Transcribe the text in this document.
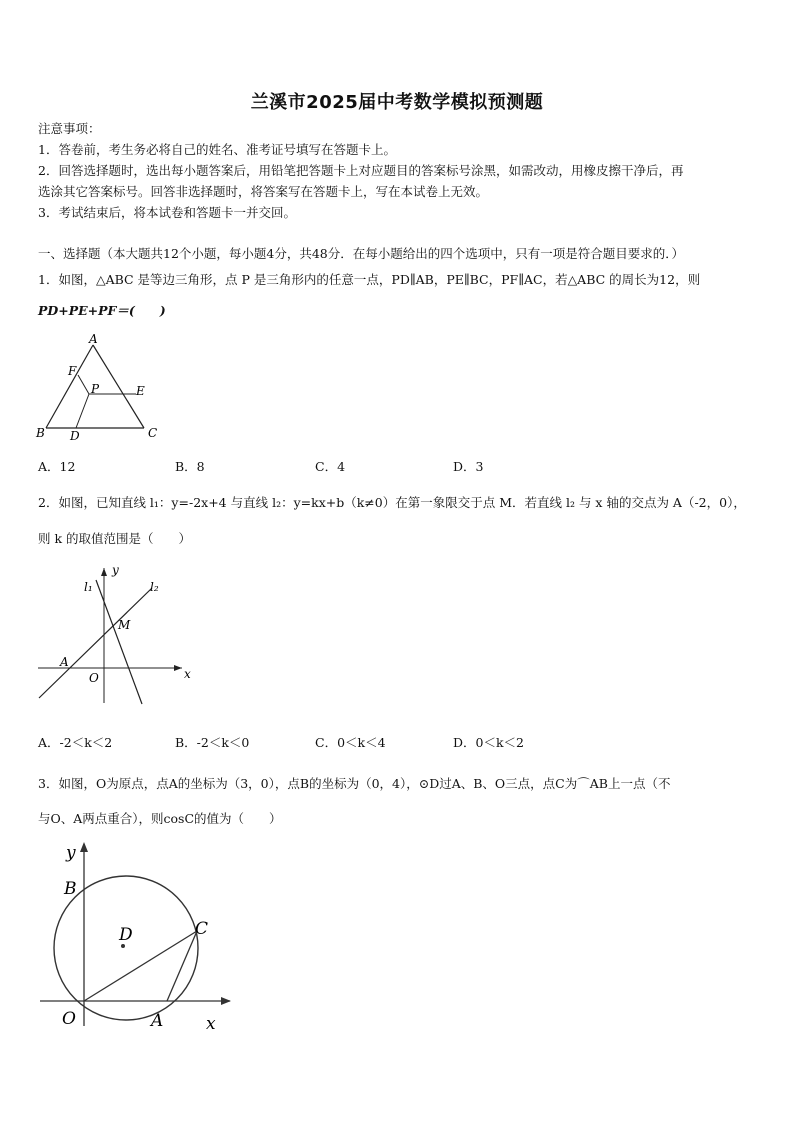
兰溪市2025届中考数学模拟预测题
注意事项：
1．答卷前，考生务必将自己的姓名、准考证号填写在答题卡上。
2．回答选择题时，选出每小题答案后，用铅笔把答题卡上对应题目的答案标号涂黑，如需改动，用橡皮擦干净后，再
选涂其它答案标号。回答非选择题时，将答案写在答题卡上，写在本试卷上无效。
3．考试结束后，将本试卷和答题卡一并交回。
一、选择题（本大题共12个小题，每小题4分，共48分．在每小题给出的四个选项中，只有一项是符合题目要求的．）
1．如图，△ABC 是等边三角形，点 P 是三角形内的任意一点，PD∥AB，PE∥BC，PF∥AC，若△ABC 的周长为12，则
PD+PE+PF＝(　　)
A
F
P	E
B D	C
A．12	B．8	C．4	D．3
2．如图，已知直线 l₁：y=-2x+4 与直线 l₂：y=kx+b（k≠0）在第一象限交于点 M．若直线 l₂ 与 x 轴的交点为 A（-2，0），
则 k 的取值范围是（　　）
y
x
l₁	l₂
M
A
O
A．-2＜k＜2	B．-2＜k＜0	C．0＜k＜4	D．0＜k＜2
3．如图，O为原点，点A的坐标为（3，0），点B的坐标为（0，4），⊙D过A、B、O三点，点C为⌒AB上一点（不
与O、A两点重合），则cosC的值为（　　）
y
x
B
D	C
O	A
